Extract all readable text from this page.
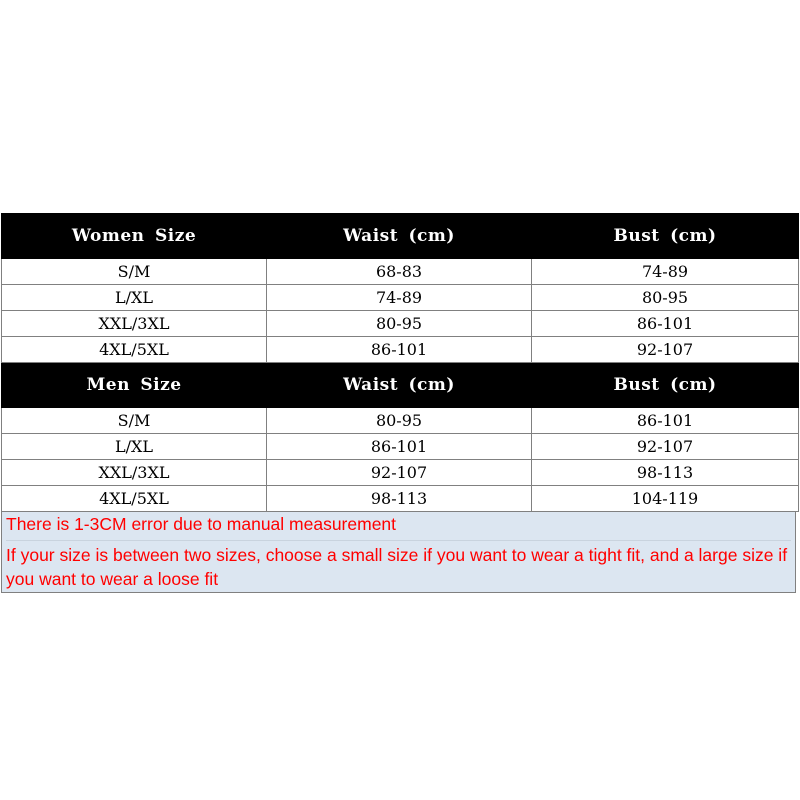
Women Size	Waist (cm)	Bust (cm)
S/M	68-83	74-89
L/XL	74-89	80-95
XXL/3XL	80-95	86-101
4XL/5XL	86-101	92-107
Men Size	Waist (cm)	Bust (cm)
S/M	80-95	86-101
L/XL	86-101	92-107
XXL/3XL	92-107	98-113
4XL/5XL	98-113	104-119
There is 1-3CM error due to manual measurement
If your size is between two sizes, choose a small size if you want to wear a tight fit, and a large size if you want to wear a loose fit
